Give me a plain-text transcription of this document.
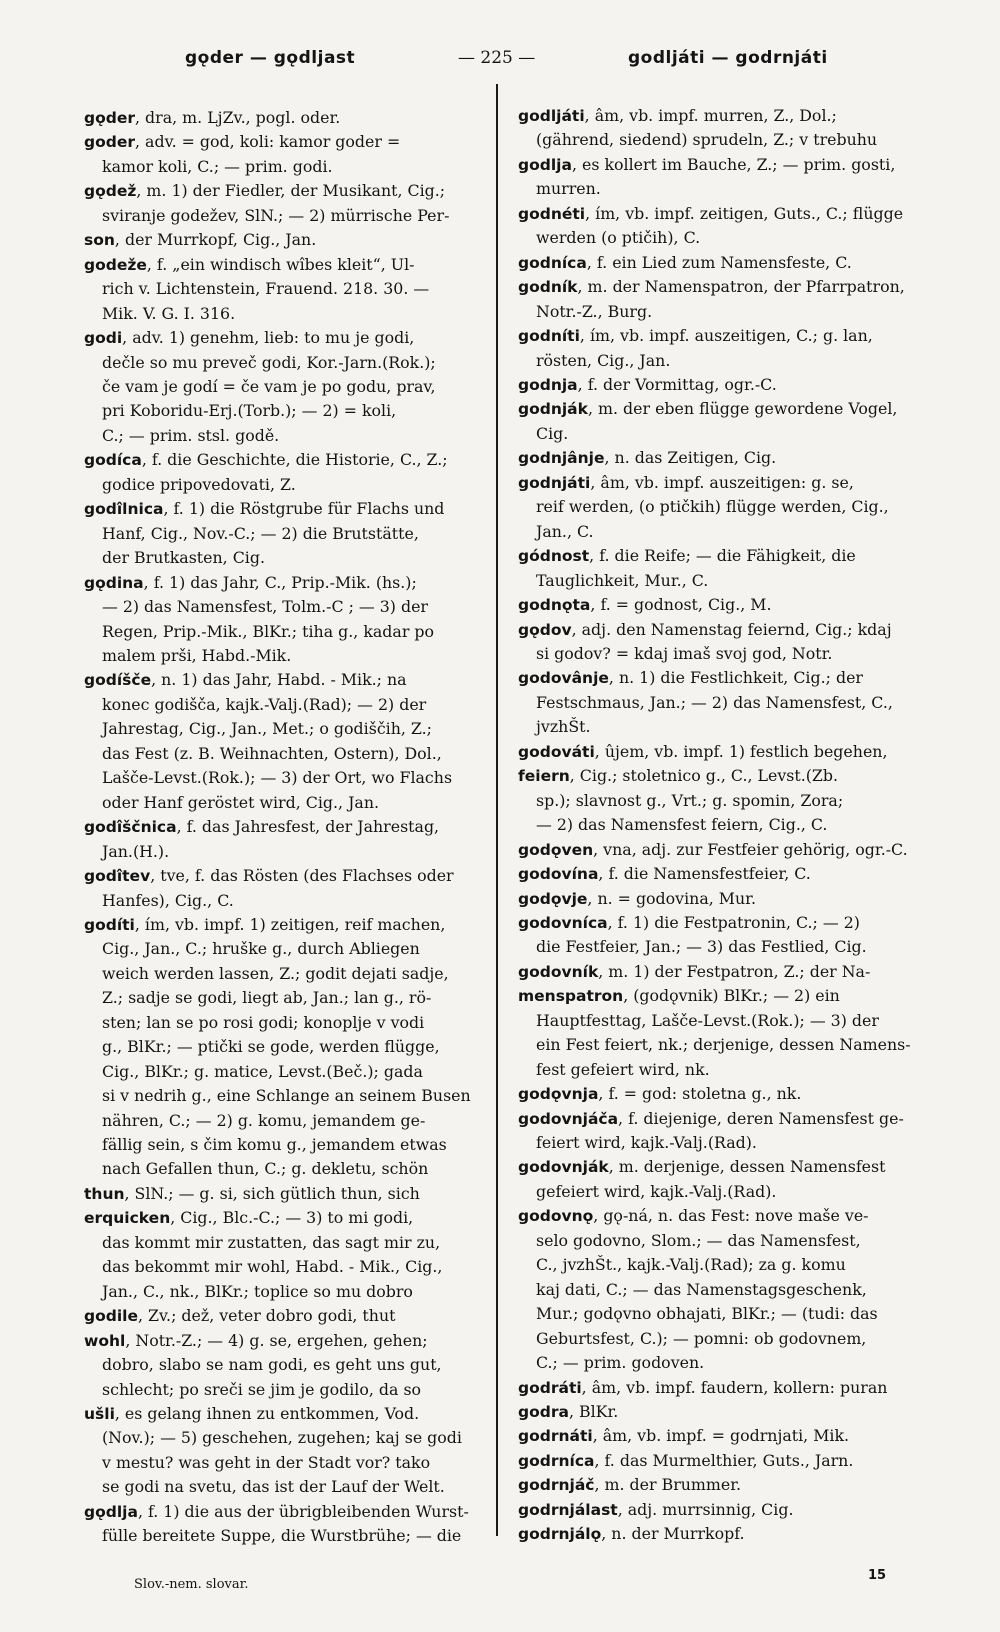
gǫder — gǫdljast	— 225 —	godljáti — godrnjáti
gǫder, dra, m. LjZv., pogl. oder.
goder, adv. = god, koli: kamor goder =
kamor koli, C.; — prim. godi.
gǫdež, m. 1) der Fiedler, der Musikant, Cig.;
sviranje godežev, SlN.; — 2) mürrische Per-
son, der Murrkopf, Cig., Jan.
godeže, f. „ein windisch wîbes kleit“, Ul-
rich v. Lichtenstein, Frauend. 218. 30. —
Mik. V. G. I. 316.
godi, adv. 1) genehm, lieb: to mu je godi,
dečle so mu preveč godi, Kor.-Jarn.(Rok.);
če vam je godí = če vam je po godu, prav,
pri Koboridu-Erj.(Torb.); — 2) = koli,
C.; — prim. stsl. godě.
godíca, f. die Geschichte, die Historie, C., Z.;
godice pripovedovati, Z.
godîlnica, f. 1) die Röstgrube für Flachs und
Hanf, Cig., Nov.-C.; — 2) die Brutstätte,
der Brutkasten, Cig.
gǫdina, f. 1) das Jahr, C., Prip.-Mik. (hs.);
— 2) das Namensfest, Tolm.-C ; — 3) der
Regen, Prip.-Mik., BlKr.; tiha g., kadar po
malem prši, Habd.-Mik.
godíšče, n. 1) das Jahr, Habd. - Mik.; na
konec godišča, kajk.-Valj.(Rad); — 2) der
Jahrestag, Cig., Jan., Met.; o godiščih, Z.;
das Fest (z. B. Weihnachten, Ostern), Dol.,
Lašče-Levst.(Rok.); — 3) der Ort, wo Flachs
oder Hanf geröstet wird, Cig., Jan.
godîščnica, f. das Jahresfest, der Jahrestag,
Jan.(H.).
godîtev, tve, f. das Rösten (des Flachses oder
Hanfes), Cig., C.
godíti, ím, vb. impf. 1) zeitigen, reif machen,
Cig., Jan., C.; hruške g., durch Abliegen
weich werden lassen, Z.; godit dejati sadje,
Z.; sadje se godi, liegt ab, Jan.; lan g., rö-
sten; lan se po rosi godi; konoplje v vodi
g., BlKr.; — ptički se gode, werden flügge,
Cig., BlKr.; g. matice, Levst.(Beč.); gada
si v nedrih g., eine Schlange an seinem Busen
nähren, C.; — 2) g. komu, jemandem ge-
fällig sein, s čim komu g., jemandem etwas
nach Gefallen thun, C.; g. dekletu, schön
thun, SlN.; — g. si, sich gütlich thun, sich
erquicken, Cig., Blc.-C.; — 3) to mi godi,
das kommt mir zustatten, das sagt mir zu,
das bekommt mir wohl, Habd. - Mik., Cig.,
Jan., C., nk., BlKr.; toplice so mu dobro
godile, Zv.; dež, veter dobro godi, thut
wohl, Notr.-Z.; — 4) g. se, ergehen, gehen;
dobro, slabo se nam godi, es geht uns gut,
schlecht; po sreči se jim je godilo, da so
ušli, es gelang ihnen zu entkommen, Vod.
(Nov.); — 5) geschehen, zugehen; kaj se godi
v mestu? was geht in der Stadt vor? tako
se godi na svetu, das ist der Lauf der Welt.
gǫdlja, f. 1) die aus der übrigbleibenden Wurst-
fülle bereitete Suppe, die Wurstbrühe; — die
godljáti, âm, vb. impf. murren, Z., Dol.;
(gährend, siedend) sprudeln, Z.; v trebuhu
godlja, es kollert im Bauche, Z.; — prim. gosti,
murren.
godnéti, ím, vb. impf. zeitigen, Guts., C.; flügge
werden (o ptičih), C.
godníca, f. ein Lied zum Namensfeste, C.
godník, m. der Namenspatron, der Pfarrpatron,
Notr.-Z., Burg.
godníti, ím, vb. impf. auszeitigen, C.; g. lan,
rösten, Cig., Jan.
godnja, f. der Vormittag, ogr.-C.
godnják, m. der eben flügge gewordene Vogel,
Cig.
godnjânje, n. das Zeitigen, Cig.
godnjáti, âm, vb. impf. auszeitigen: g. se,
reif werden, (o ptičkih) flügge werden, Cig.,
Jan., C.
gódnost, f. die Reife; — die Fähigkeit, die
Tauglichkeit, Mur., C.
godnǫta, f. = godnost, Cig., M.
gǫdov, adj. den Namenstag feiernd, Cig.; kdaj
si godov? = kdaj imaš svoj god, Notr.
godovânje, n. 1) die Festlichkeit, Cig.; der
Festschmaus, Jan.; — 2) das Namensfest, C.,
jvzhŠt.
godováti, ûjem, vb. impf. 1) festlich begehen,
feiern, Cig.; stoletnico g., C., Levst.(Zb.
sp.); slavnost g., Vrt.; g. spomin, Zora;
— 2) das Namensfest feiern, Cig., C.
godǫven, vna, adj. zur Festfeier gehörig, ogr.-C.
godovína, f. die Namensfestfeier, C.
godǫvje, n. = godovina, Mur.
godovníca, f. 1) die Festpatronin, C.; — 2)
die Festfeier, Jan.; — 3) das Festlied, Cig.
godovník, m. 1) der Festpatron, Z.; der Na-
menspatron, (godǫvnik) BlKr.; — 2) ein
Hauptfesttag, Lašče-Levst.(Rok.); — 3) der
ein Fest feiert, nk.; derjenige, dessen Namens-
fest gefeiert wird, nk.
godǫvnja, f. = god: stoletna g., nk.
godovnjáča, f. diejenige, deren Namensfest ge-
feiert wird, kajk.-Valj.(Rad).
godovnják, m. derjenige, dessen Namensfest
gefeiert wird, kajk.-Valj.(Rad).
godovnǫ, gǫ-ná, n. das Fest: nove maše ve-
selo godovno, Slom.; — das Namensfest,
C., jvzhŠt., kajk.-Valj.(Rad); za g. komu
kaj dati, C.; — das Namenstagsgeschenk,
Mur.; godǫvno obhajati, BlKr.; — (tudi: das
Geburtsfest, C.); — pomni: ob godovnem,
C.; — prim. godoven.
godráti, âm, vb. impf. faudern, kollern: puran
godra, BlKr.
godrnáti, âm, vb. impf. = godrnjati, Mik.
godrníca, f. das Murmelthier, Guts., Jarn.
godrnjáč, m. der Brummer.
godrnjálast, adj. murrsinnig, Cig.
godrnjálǫ, n. der Murrkopf.
Slov.-nem. slovar.
15
